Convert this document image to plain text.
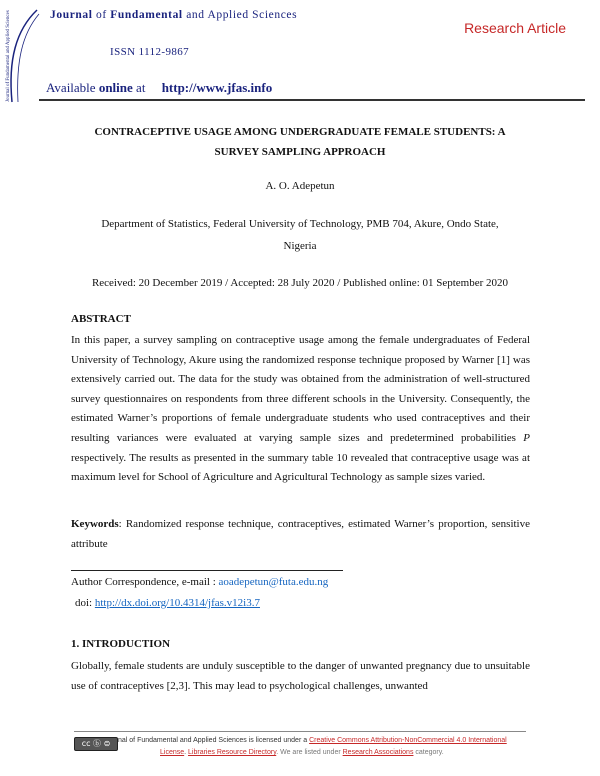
Journal of Fundamental and Applied Sciences	Journal of Fundamental and Applied Sciences
ISSN 1112-9867
Available online at http://www.jfas.info
Research Article
CONTRACEPTIVE USAGE AMONG UNDERGRADUATE FEMALE STUDENTS: A
SURVEY SAMPLING APPROACH
A. O. Adepetun
Department of Statistics, Federal University of Technology, PMB 704, Akure, Ondo State,
Nigeria
Received: 20 December 2019 / Accepted: 28 July 2020 / Published online: 01 September 2020
ABSTRACT
In this paper, a survey sampling on contraceptive usage among the female undergraduates of Federal University of Technology, Akure using the randomized response technique proposed by Warner [1] was extensively carried out. The data for the study was obtained from the administration of well-structured survey questionnaires on respondents from three different schools in the University. Consequently, the estimated Warner’s proportions of female undergraduate students who used contraceptives and their resulting variances were evaluated at varying sample sizes and predetermined probabilities P respectively. The results as presented in the summary table 10 revealed that contraceptive usage was at maximum level for School of Agriculture and Agricultural Technology as sample sizes varied.
Keywords: Randomized response technique, contraceptives, estimated Warner’s proportion, sensitive attribute
Author Correspondence, e-mail : aoadepetun@futa.edu.ng
doi: http://dx.doi.org/10.4314/jfas.v12i3.7
1. INTRODUCTION
Globally, female students are unduly susceptible to the danger of unwanted pregnancy due to unsuitable use of contraceptives [2,3]. This may lead to psychological challenges, unwanted
cc ⓑ ⊜	nal of Fundamental and Applied Sciences is licensed under a Creative Commons Attribution-NonCommercial 4.0 International
License. Libraries Resource Directory. We are listed under Research Associations category.
